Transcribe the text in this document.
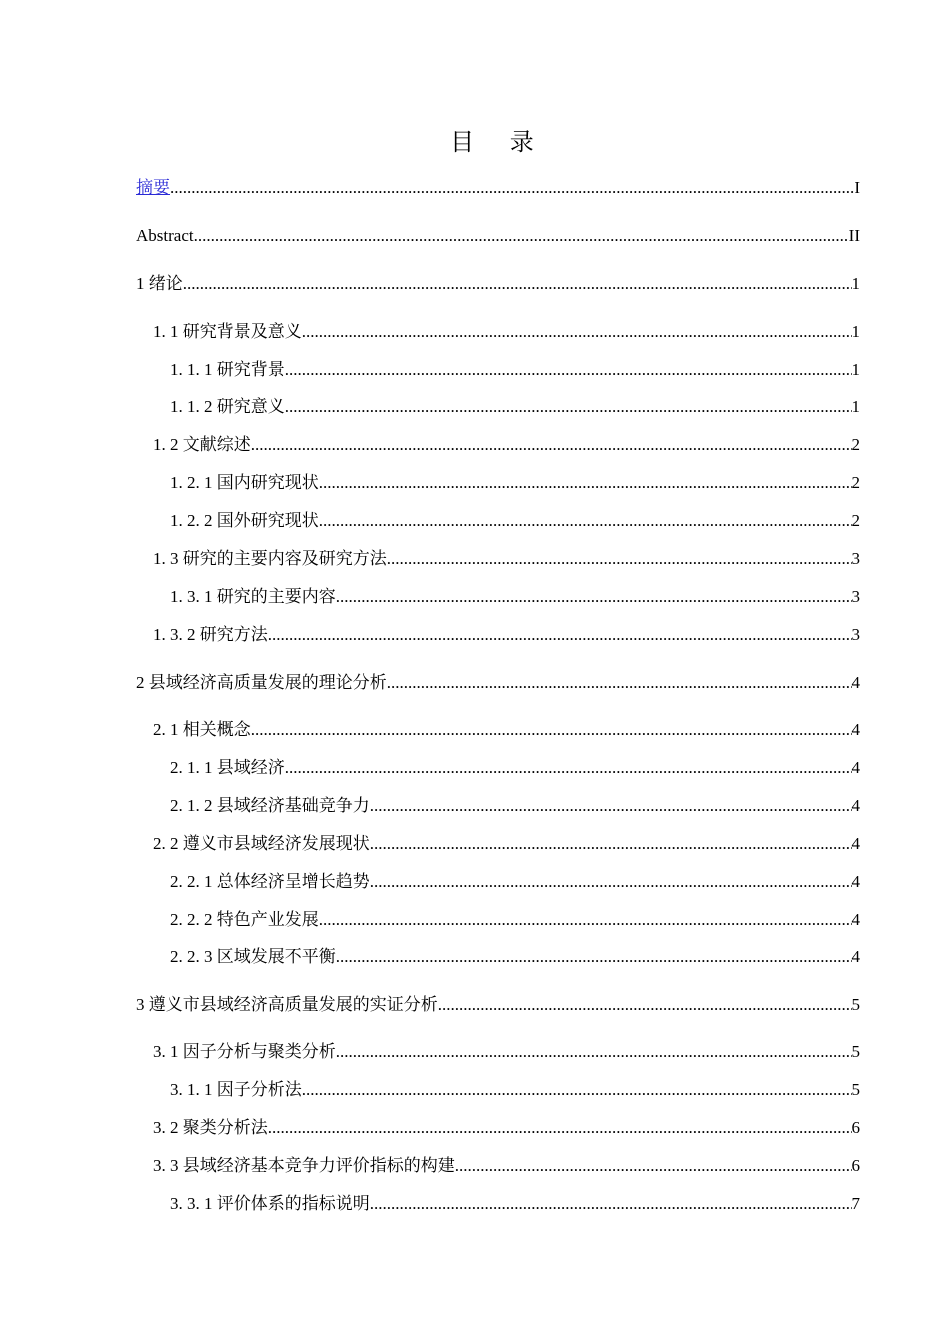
目 录
摘要 .....	I
Abstract .....	II
1 绪论 .....	1
1. 1 研究背景及意义 .....	1
1. 1. 1 研究背景 .....	1
1. 1. 2 研究意义 .....	1
1. 2 文献综述 .....	2
1. 2. 1 国内研究现状 .....	2
1. 2. 2 国外研究现状 .....	2
1. 3 研究的主要内容及研究方法 .....	3
1. 3. 1 研究的主要内容 .....	3
1. 3. 2 研究方法 .....	3
2 县域经济高质量发展的理论分析 .....	4
2. 1 相关概念 .....	4
2. 1. 1 县域经济 .....	4
2. 1. 2 县域经济基础竞争力 .....	4
2. 2 遵义市县域经济发展现状 .....	4
2. 2. 1 总体经济呈增长趋势 .....	4
2. 2. 2 特色产业发展 .....	4
2. 2. 3 区域发展不平衡 .....	4
3 遵义市县域经济高质量发展的实证分析 .....	5
3. 1 因子分析与聚类分析 .....	5
3. 1. 1 因子分析法 .....	5
3. 2 聚类分析法 .....	6
3. 3 县域经济基本竞争力评价指标的构建 .....	6
3. 3. 1 评价体系的指标说明 .....	7
